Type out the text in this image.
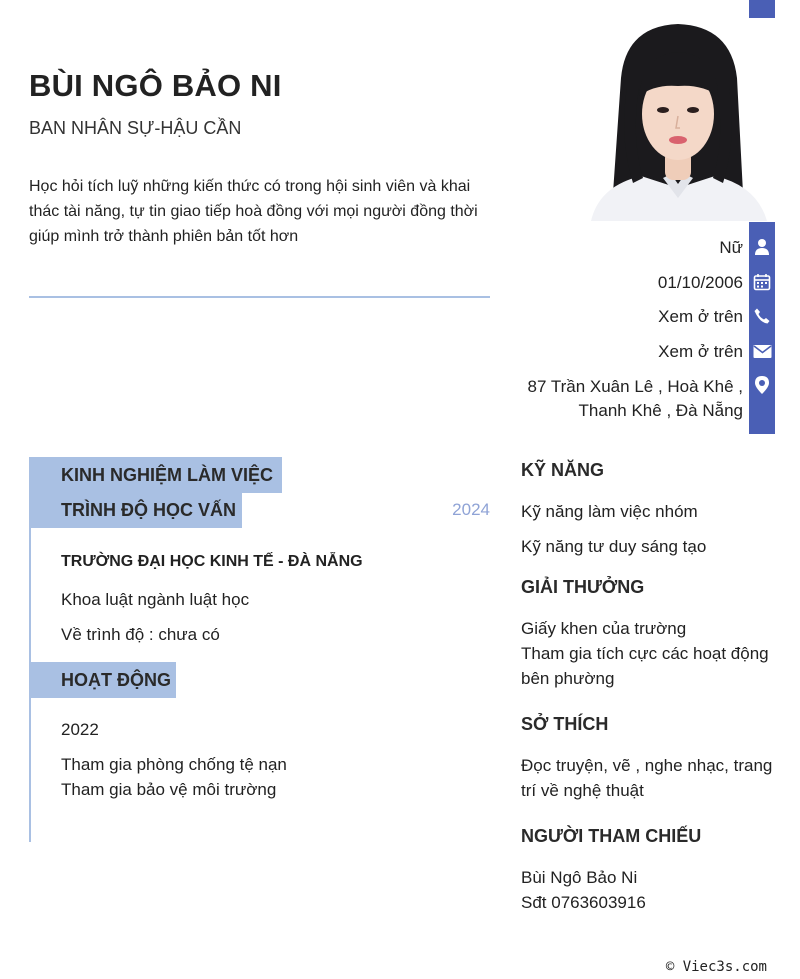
BÙI NGÔ BẢO NI
BAN NHÂN SỰ-HẬU CẦN
Học hỏi tích luỹ những kiến thức có trong hội sinh viên và khai thác tài năng, tự tin giao tiếp hoà đồng với mọi người đồng thời giúp mình trở thành phiên bản tốt hơn
Nữ
01/10/2006
Xem ở trên
Xem ở trên
87 Trần Xuân Lê , Hoà Khê ,
Thanh Khê , Đà Nẵng
KINH NGHIỆM LÀM VIỆC
TRÌNH ĐỘ HỌC VẤN	2024
TRƯỜNG ĐẠI HỌC KINH TẾ - ĐÀ NẴNG
Khoa luật ngành luật học
Về trình độ : chưa có
HOẠT ĐỘNG
2022
Tham gia phòng chống tệ nạn
Tham gia bảo vệ môi trường
KỸ NĂNG
Kỹ năng làm việc nhóm
Kỹ năng tư duy sáng tạo
GIẢI THƯỞNG
Giấy khen của trường
Tham gia tích cực các hoạt động bên phường
SỞ THÍCH
Đọc truyện, vẽ , nghe nhạc, trang trí về nghệ thuật
NGƯỜI THAM CHIẾU
Bùi Ngô Bảo Ni
Sđt 0763603916
© Viec3s.com
